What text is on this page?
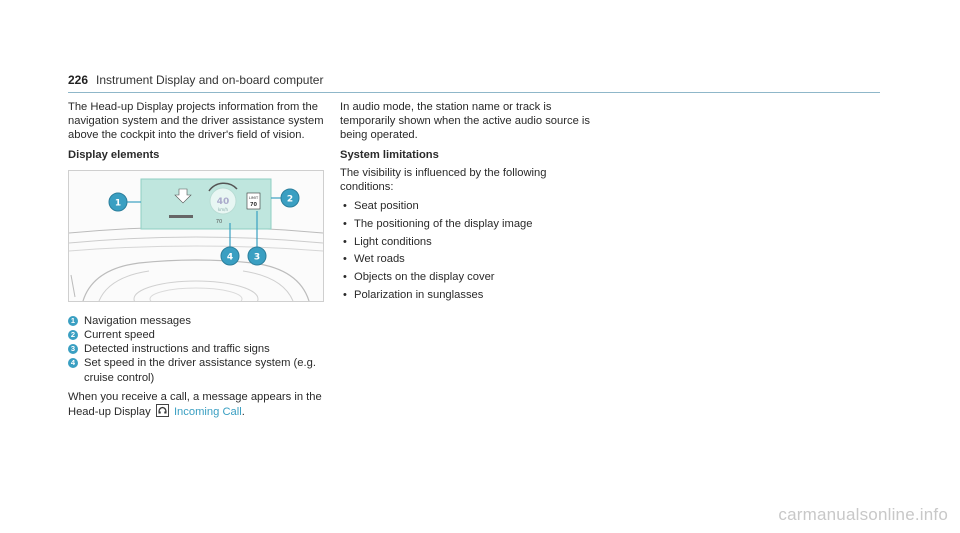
226 Instrument Display and on-board computer

The Head-up Display projects information from the navigation system and the driver assistance system above the cockpit into the driver's field of vision.

Display elements

40
km/h
70
LIMIT
70
1	2
3
4
1 Navigation messages
2 Current speed
3 Detected instructions and traffic signs
4 Set speed in the driver assistance system (e.g. cruise control)

When you receive a call, a message appears in the Head-up Display Incoming Call.

In audio mode, the station name or track is temporarily shown when the active audio source is being operated.

System limitations

The visibility is influenced by the following conditions:

• Seat position
• The positioning of the display image
• Light conditions
• Wet roads
• Objects on the display cover
• Polarization in sunglasses
carmanualsonline.info
